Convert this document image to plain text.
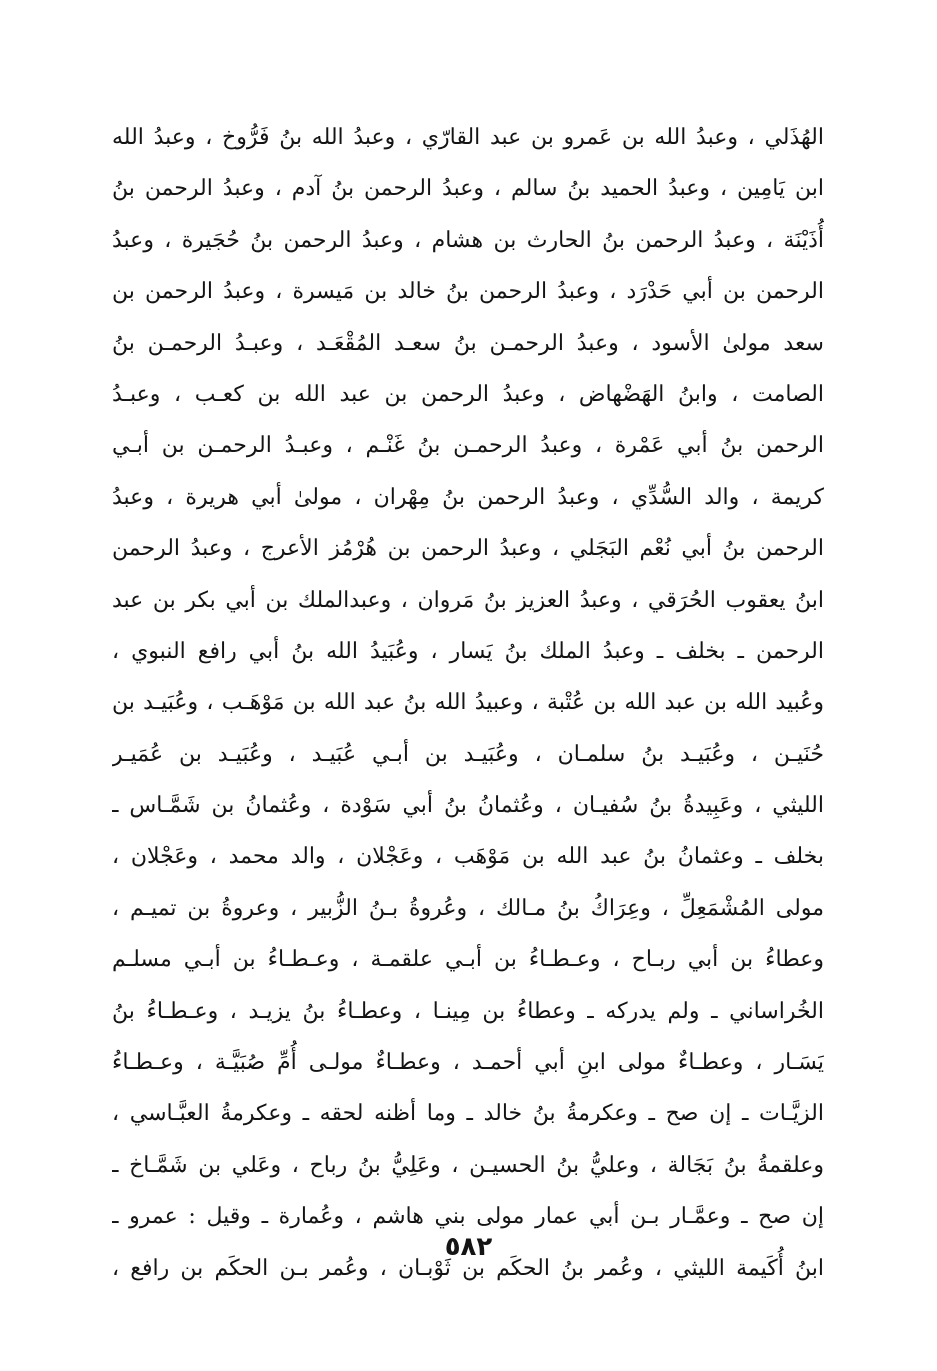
الهُذَلي ، وعبدُ الله بن عَمرو بن عبد القارّي ، وعبدُ الله بنُ فَرُّوخ ، وعبدُ الله
ابن يَامِين ، وعبدُ الحميد بنُ سالم ، وعبدُ الرحمن بنُ آدم ، وعبدُ الرحمن بنُ
أُذَيْنَة ، وعبدُ الرحمن بنُ الحارث بن هشام ، وعبدُ الرحمن بنُ حُجَيرة ، وعبدُ
الرحمن بن أبي حَدْرَد ، وعبدُ الرحمن بنُ خالد بن مَيسرة ، وعبدُ الرحمن بن
سعد مولىٰ الأسود ، وعبدُ الرحمـن بنُ سعـد المُقْعَـد ، وعبـدُ الرحمـن بنُ
الصامت ، وابنُ الهَضْهاض ، وعبدُ الرحمن بن عبد الله بن كعـب ، وعبـدُ
الرحمن بنُ أبي عَمْرة ، وعبدُ الرحمـن بنُ غَنْـم ، وعبـدُ الرحمـن بن أبـي
كريمة ، والد السُّدِّي ، وعبدُ الرحمن بنُ مِهْران ، مولىٰ أبي هريرة ، وعبدُ
الرحمن بنُ أبي نُعْم البَجَلي ، وعبدُ الرحمن بن هُرْمُز الأعرج ، وعبدُ الرحمن
ابنُ يعقوب الحُرَقي ، وعبدُ العزيز بنُ مَروان ، وعبدالملك بن أبي بكر بن عبد
الرحمن ـ بخلف ـ وعبدُ الملك بنُ يَسار ، وعُبَيدُ الله بنُ أبي رافع النبوي ،
وعُبيد الله بن عبد الله بن عُتْبة ، وعبيدُ الله بنُ عبد الله بن مَوْهَـب ، وعُبَيـد بن
حُنَيـن ، وعُبَيـد بنُ سلمـان ، وعُبَيـد بن أبـي عُبَيـد ، وعُبَيـد بن عُمَيـر
الليثي ، وعَبِيدةُ بنُ سُفيـان ، وعُثمانُ بنُ أبي سَوْدة ، وعُثمانُ بن شَمَّـاس ـ
بخلف ـ وعثمانُ بنُ عبد الله بن مَوْهَب ، وعَجْلان ، والد محمد ، وعَجْلان ،
مولى المُشْمَعِلِّ ، وعِرَاكُ بنُ مـالك ، وعُروةُ بـنُ الزُّبير ، وعروةُ بن تميـم ،
وعطاءُ بن أبي ربـاح ، وعـطـاءُ بن أبـي علقمـة ، وعـطـاءُ بن أبـي مسلـم
الخُراساني ـ ولم يدركه ـ وعطاءُ بن مِينـا ، وعطـاءُ بنُ يزيـد ، وعـطـاءُ بنُ
يَسَـار ، وعطـاءٌ مولى ابنِ أبي أحمـد ، وعطـاءٌ مولـى أُمِّ صُبَيَّـة ، وعـطـاءُ
الزيَّـات ـ إن صح ـ وعكرمةُ بنُ خالد ـ وما أظنه لحقه ـ وعكرمةُ العبَّـاسي ،
وعلقمةُ بنُ بَجَالة ، وعليُّ بنُ الحسيـن ، وعَلِيُّ بنُ رباح ، وعَلي بن شَمَّـاخ ـ
إن صح ـ وعمَّـار بـن أبي عمار مولى بني هاشم ، وعُمارة ـ وقيل : عمرو ـ
ابنُ أُكَيمة الليثي ، وعُمر بنُ الحكَم بن ثَوْبـان ، وعُمر بـن الحكَم بن رافع ،
٥٨٢
